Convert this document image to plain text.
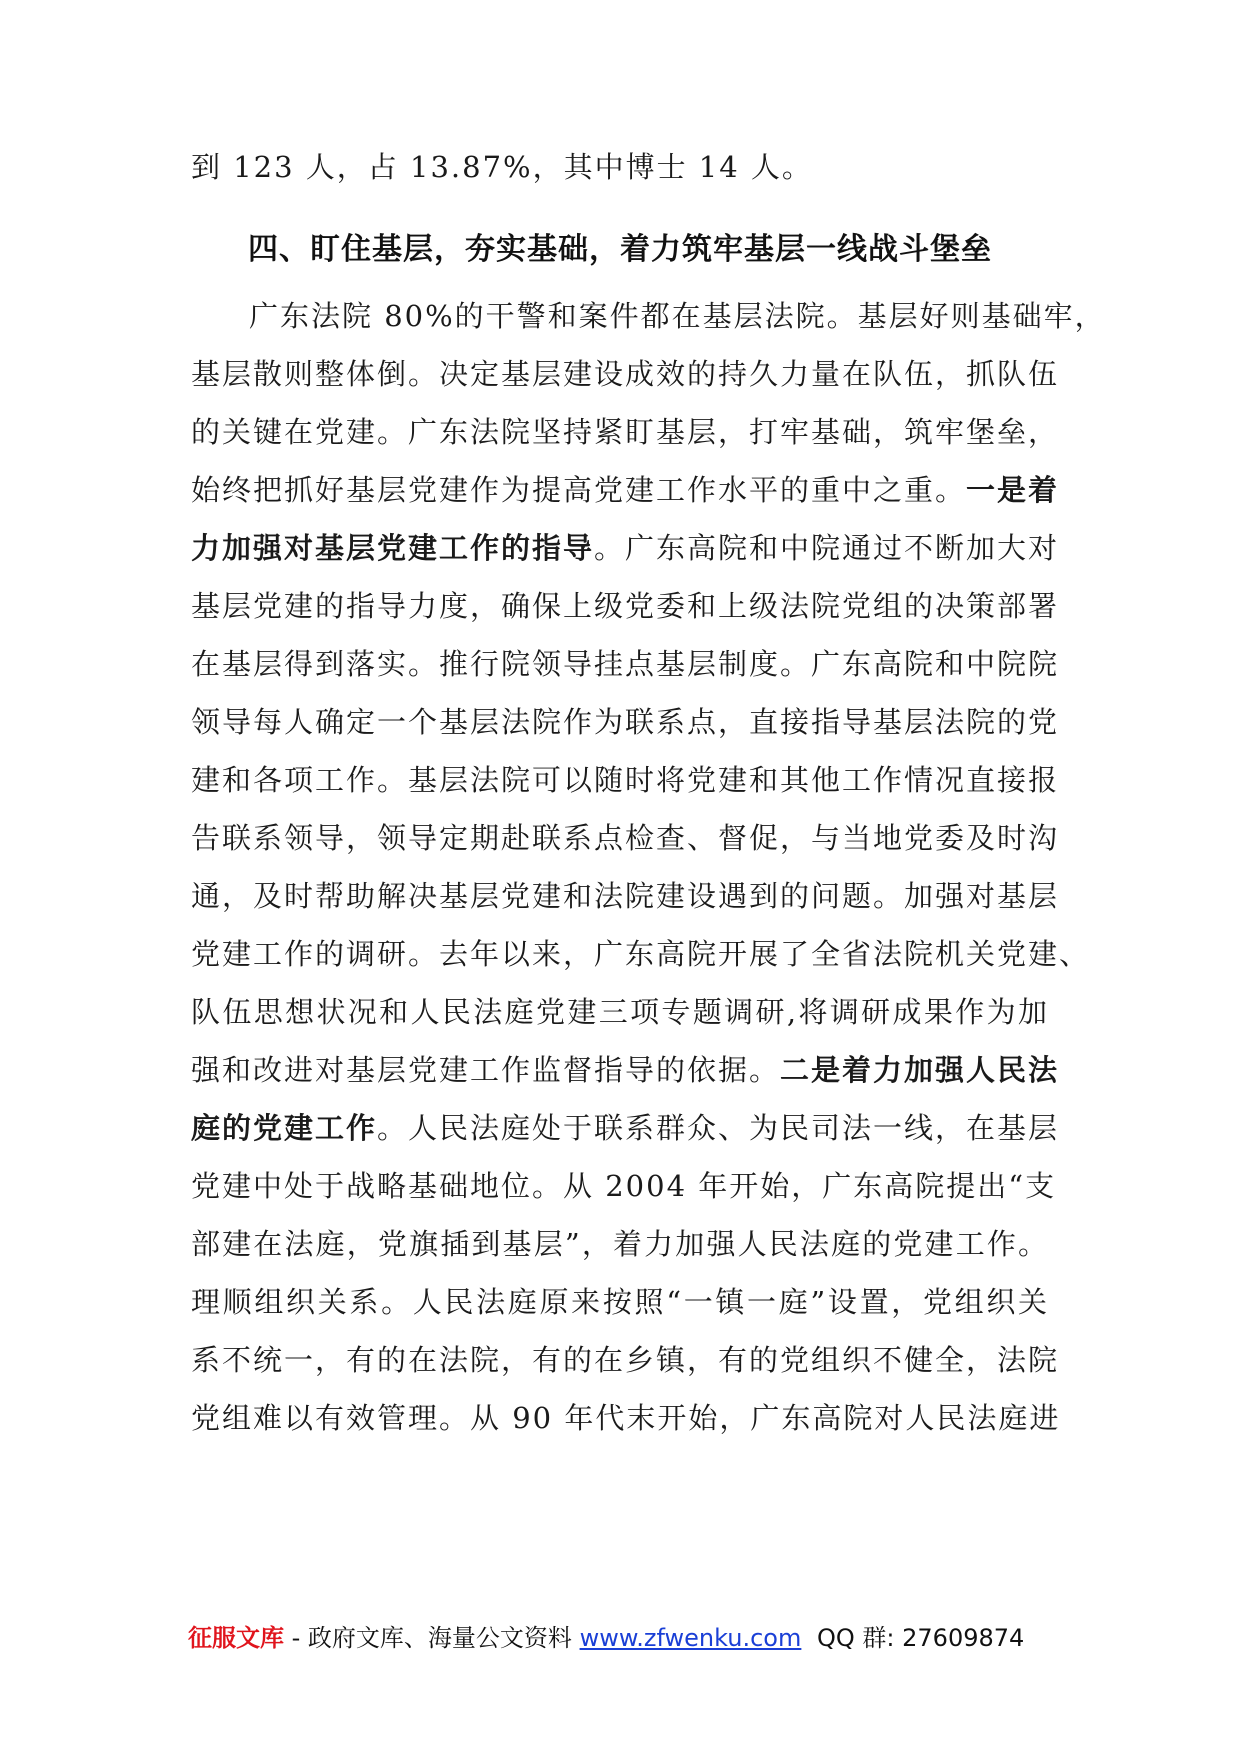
到 123 人，占 13.87%，其中博士 14 人。
四、盯住基层，夯实基础，着力筑牢基层一线战斗堡垒
广东法院 80%的干警和案件都在基层法院。基层好则基础牢，
基层散则整体倒。决定基层建设成效的持久力量在队伍，抓队伍
的关键在党建。广东法院坚持紧盯基层，打牢基础，筑牢堡垒，
始终把抓好基层党建作为提高党建工作水平的重中之重。一是着
力加强对基层党建工作的指导。广东高院和中院通过不断加大对
基层党建的指导力度，确保上级党委和上级法院党组的决策部署
在基层得到落实。推行院领导挂点基层制度。广东高院和中院院
领导每人确定一个基层法院作为联系点，直接指导基层法院的党
建和各项工作。基层法院可以随时将党建和其他工作情况直接报
告联系领导，领导定期赴联系点检查、督促，与当地党委及时沟
通，及时帮助解决基层党建和法院建设遇到的问题。加强对基层
党建工作的调研。去年以来，广东高院开展了全省法院机关党建、
队伍思想状况和人民法庭党建三项专题调研,将调研成果作为加
强和改进对基层党建工作监督指导的依据。二是着力加强人民法
庭的党建工作。人民法庭处于联系群众、为民司法一线，在基层
党建中处于战略基础地位。从 2004 年开始，广东高院提出“支
部建在法庭，党旗插到基层”，着力加强人民法庭的党建工作。
理顺组织关系。人民法庭原来按照“一镇一庭”设置，党组织关
系不统一，有的在法院，有的在乡镇，有的党组织不健全，法院
党组难以有效管理。从 90 年代末开始，广东高院对人民法庭进
征服文库 - 政府文库、海量公文资料 www.zfwenku.com QQ 群: 27609874
